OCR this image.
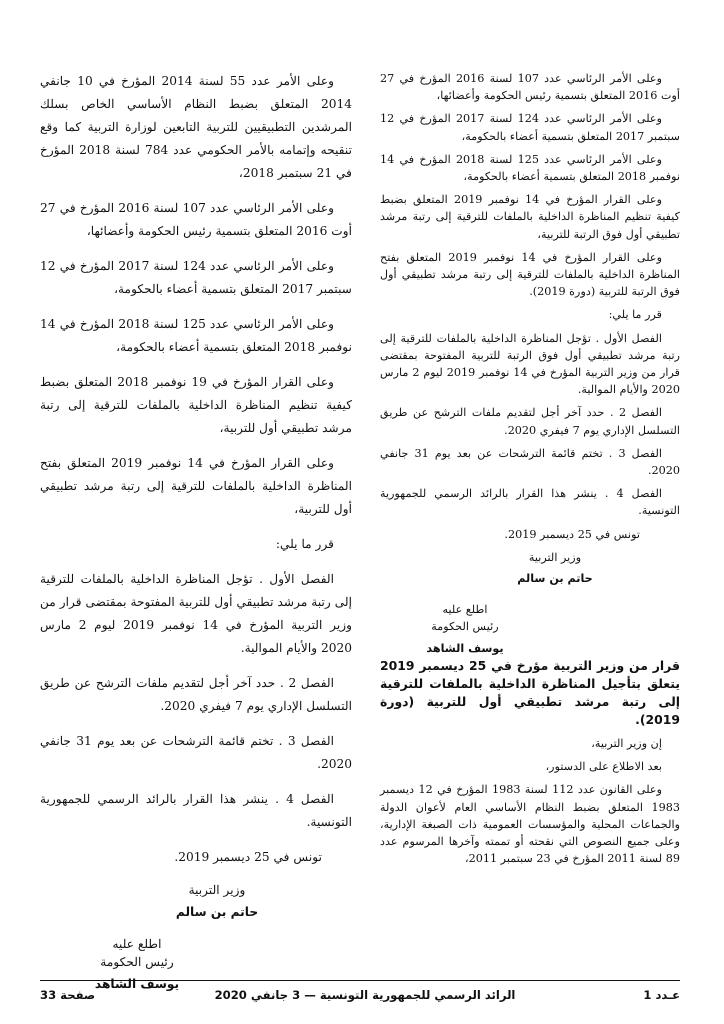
وعلى الأمر الرئاسي عدد 107 لسنة 2016 المؤرخ في 27 أوت 2016 المتعلق بتسمية رئيس الحكومة وأعضائها،

وعلى الأمر الرئاسي عدد 124 لسنة 2017 المؤرخ في 12 سبتمبر 2017 المتعلق بتسمية أعضاء بالحكومة،

وعلى الأمر الرئاسي عدد 125 لسنة 2018 المؤرخ في 14 نوفمبر 2018 المتعلق بتسمية أعضاء بالحكومة،

وعلى القرار المؤرخ في 14 نوفمبر 2019 المتعلق بضبط كيفية تنظيم المناظرة الداخلية بالملفات للترقية إلى رتبة مرشد تطبيقي أول فوق الرتبة للتربية،

وعلى القرار المؤرخ في 14 نوفمبر 2019 المتعلق بفتح المناظرة الداخلية بالملفات للترقية إلى رتبة مرشد تطبيقي أول فوق الرتبة للتربية (دورة 2019).

قرر ما يلي:

الفصل الأول . تؤجل المناظرة الداخلية بالملفات للترقية إلى رتبة مرشد تطبيقي أول فوق الرتبة للتربية المفتوحة بمقتضى قرار من وزير التربية المؤرخ في 14 نوفمبر 2019 ليوم 2 مارس 2020 والأيام الموالية.

الفصل 2 . حدد آخر أجل لتقديم ملفات الترشح عن طريق التسلسل الإداري يوم 7 فيفري 2020.

الفصل 3 . تختم قائمة الترشحات عن بعد يوم 31 جانفي 2020.

الفصل 4 . ينشر هذا القرار بالرائد الرسمي للجمهورية التونسية.

تونس في 25 ديسمبر 2019.

وزير التربية
حاتم بن سالم
اطلع عليه
رئيس الحكومة
يوسف الشاهد

قرار من وزير التربية مؤرخ في 25 ديسمبر 2019 يتعلق بتأجيل المناظرة الداخلية بالملفات للترقية إلى رتبة مرشد تطبيقي أول للتربية (دورة 2019).

إن وزير التربية،

بعد الاطلاع على الدستور،

وعلى القانون عدد 112 لسنة 1983 المؤرخ في 12 ديسمبر 1983 المتعلق بضبط النظام الأساسي العام لأعوان الدولة والجماعات المحلية والمؤسسات العمومية ذات الصبغة الإدارية، وعلى جميع النصوص التي نقحته أو تممته وآخرها المرسوم عدد 89 لسنة 2011 المؤرخ في 23 سبتمبر 2011،

وعلى الأمر عدد 55 لسنة 2014 المؤرخ في 10 جانفي 2014 المتعلق بضبط النظام الأساسي الخاص بسلك المرشدين التطبيقيين للتربية التابعين لوزارة التربية كما وقع تنقيحه وإتمامه بالأمر الحكومي عدد 784 لسنة 2018 المؤرخ في 21 سبتمبر 2018،

وعلى الأمر الرئاسي عدد 107 لسنة 2016 المؤرخ في 27 أوت 2016 المتعلق بتسمية رئيس الحكومة وأعضائها،

وعلى الأمر الرئاسي عدد 124 لسنة 2017 المؤرخ في 12 سبتمبر 2017 المتعلق بتسمية أعضاء بالحكومة،

وعلى الأمر الرئاسي عدد 125 لسنة 2018 المؤرخ في 14 نوفمبر 2018 المتعلق بتسمية أعضاء بالحكومة،

وعلى القرار المؤرخ في 19 نوفمبر 2018 المتعلق بضبط كيفية تنظيم المناظرة الداخلية بالملفات للترقية إلى رتبة مرشد تطبيقي أول للتربية،

وعلى القرار المؤرخ في 14 نوفمبر 2019 المتعلق بفتح المناظرة الداخلية بالملفات للترقية إلى رتبة مرشد تطبيقي أول للتربية،

قرر ما يلي:

الفصل الأول . تؤجل المناظرة الداخلية بالملفات للترقية إلى رتبة مرشد تطبيقي أول للتربية المفتوحة بمقتضى قرار من وزير التربية المؤرخ في 14 نوفمبر 2019 ليوم 2 مارس 2020 والأيام الموالية.

الفصل 2 . حدد آخر أجل لتقديم ملفات الترشح عن طريق التسلسل الإداري يوم 7 فيفري 2020.

الفصل 3 . تختم قائمة الترشحات عن بعد يوم 31 جانفي 2020.

الفصل 4 . ينشر هذا القرار بالرائد الرسمي للجمهورية التونسية.

تونس في 25 ديسمبر 2019.

وزير التربية
حاتم بن سالم
اطلع عليه
رئيس الحكومة
يوسف الشاهد
عـدد 1
الرائد الرسمي للجمهورية التونسية — 3 جانفي 2020
صفحة 33
